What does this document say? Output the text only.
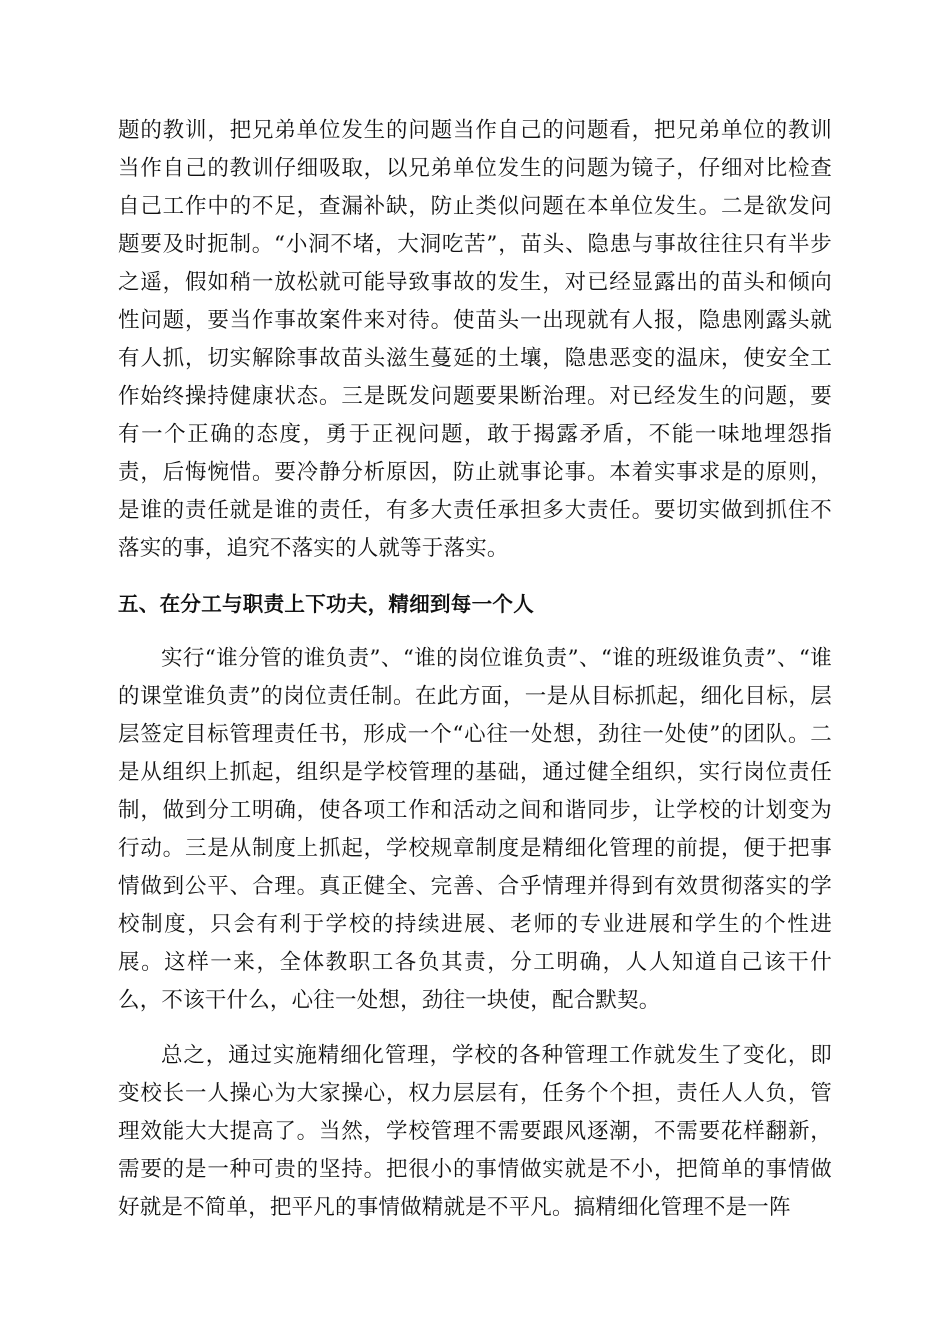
题的教训，把兄弟单位发生的问题当作自己的问题看，把兄弟单位的教训当作自己的教训仔细吸取，以兄弟单位发生的问题为镜子，仔细对比检查自己工作中的不足，查漏补缺，防止类似问题在本单位发生。二是欲发问题要及时扼制。“小洞不堵，大洞吃苦”，苗头、隐患与事故往往只有半步之遥，假如稍一放松就可能导致事故的发生，对已经显露出的苗头和倾向性问题，要当作事故案件来对待。使苗头一出现就有人报，隐患刚露头就有人抓，切实解除事故苗头滋生蔓延的土壤，隐患恶变的温床，使安全工作始终操持健康状态。三是既发问题要果断治理。对已经发生的问题，要有一个正确的态度，勇于正视问题，敢于揭露矛盾，不能一味地埋怨指责，后悔惋惜。要冷静分析原因，防止就事论事。本着实事求是的原则，是谁的责任就是谁的责任，有多大责任承担多大责任。要切实做到抓住不落实的事，追究不落实的人就等于落实。

五、在分工与职责上下功夫，精细到每一个人

实行“谁分管的谁负责”、“谁的岗位谁负责”、“谁的班级谁负责”、“谁的课堂谁负责”的岗位责任制。在此方面，一是从目标抓起，细化目标，层层签定目标管理责任书，形成一个“心往一处想，劲往一处使”的团队。二是从组织上抓起，组织是学校管理的基础，通过健全组织，实行岗位责任制，做到分工明确，使各项工作和活动之间和谐同步，让学校的计划变为行动。三是从制度上抓起，学校规章制度是精细化管理的前提，便于把事情做到公平、合理。真正健全、完善、合乎情理并得到有效贯彻落实的学校制度，只会有利于学校的持续进展、老师的专业进展和学生的个性进展。这样一来，全体教职工各负其责，分工明确，人人知道自己该干什么，不该干什么，心往一处想，劲往一块使，配合默契。

总之，通过实施精细化管理，学校的各种管理工作就发生了变化，即变校长一人操心为大家操心，权力层层有，任务个个担，责任人人负，管理效能大大提高了。当然，学校管理不需要跟风逐潮，不需要花样翻新，需要的是一种可贵的坚持。把很小的事情做实就是不小，把简单的事情做好就是不简单，把平凡的事情做精就是不平凡。搞精细化管理不是一阵
